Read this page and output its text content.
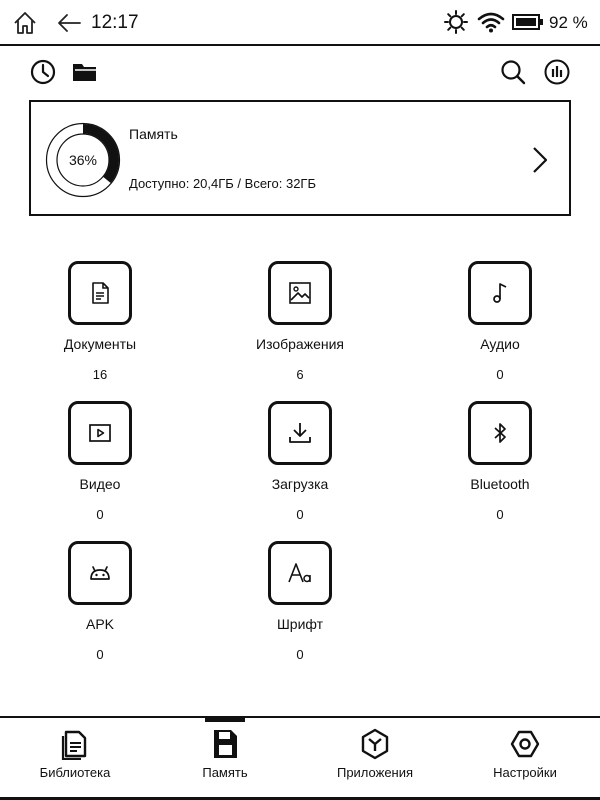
12:17	92 %
36%
Память
Доступно: 20,4ГБ / Всего: 32ГБ
Документы
16
Изображения
6
Аудио
0
Видео
0
Загрузка
0
Bluetooth
0
APK
0
Шрифт
0
Библиотека	Память	Приложения	Настройки
